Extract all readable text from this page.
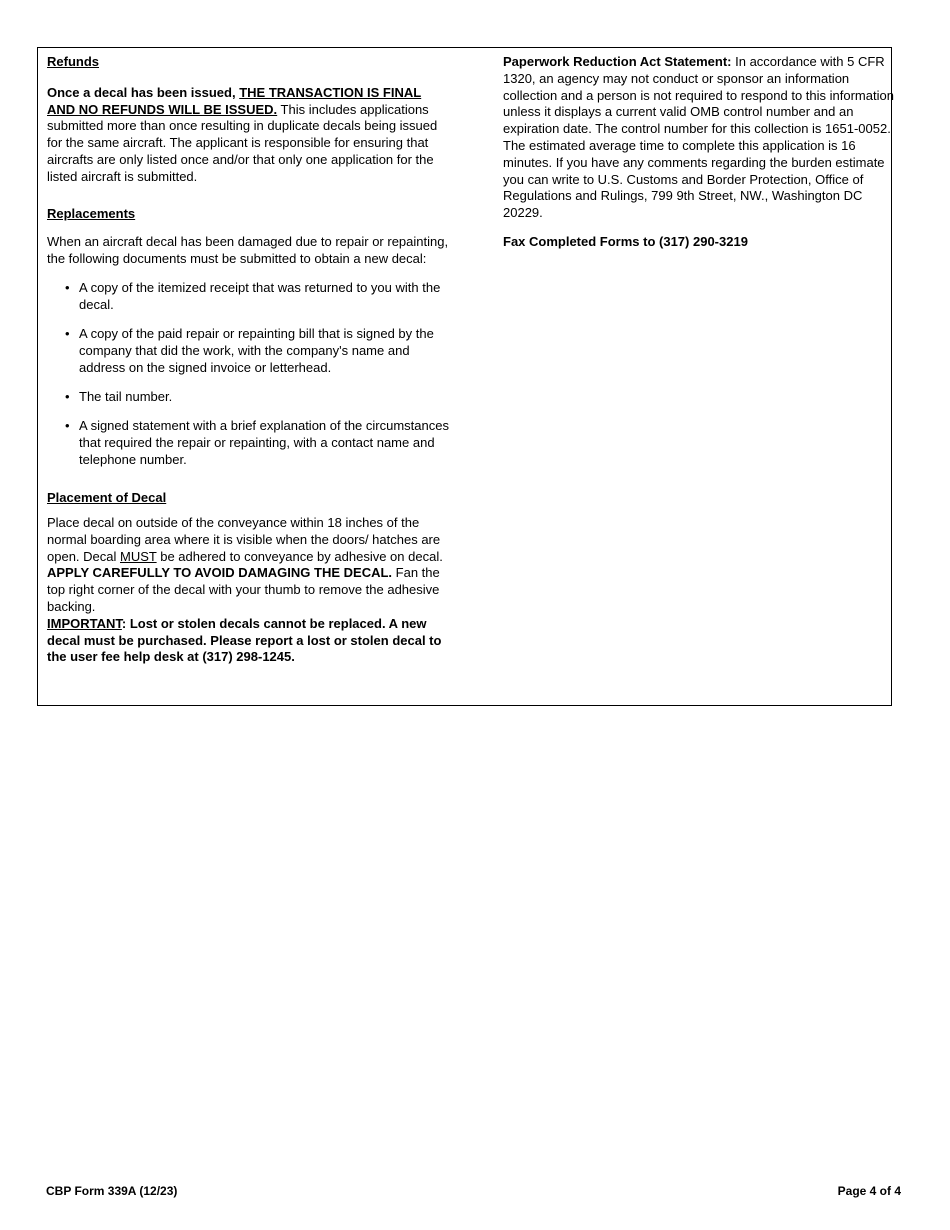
Refunds

Once a decal has been issued, THE TRANSACTION IS FINAL AND NO REFUNDS WILL BE ISSUED. This includes applications submitted more than once resulting in duplicate decals being issued for the same aircraft. The applicant is responsible for ensuring that aircrafts are only listed once and/or that only one application for the listed aircraft is submitted.

Replacements

When an aircraft decal has been damaged due to repair or repainting, the following documents must be submitted to obtain a new decal:

• A copy of the itemized receipt that was returned to you with the decal.
• A copy of the paid repair or repainting bill that is signed by the company that did the work, with the company's name and address on the signed invoice or letterhead.
• The tail number.
• A signed statement with a brief explanation of the circumstances that required the repair or repainting, with a contact name and telephone number.
Placement of Decal

Place decal on outside of the conveyance within 18 inches of the normal boarding area where it is visible when the doors/ hatches are open. Decal MUST be adhered to conveyance by adhesive on decal. APPLY CAREFULLY TO AVOID DAMAGING THE DECAL. Fan the top right corner of the decal with your thumb to remove the adhesive backing.
IMPORTANT: Lost or stolen decals cannot be replaced. A new decal must be purchased. Please report a lost or stolen decal to the user fee help desk at (317) 298-1245.

Paperwork Reduction Act Statement: In accordance with 5 CFR 1320, an agency may not conduct or sponsor an information collection and a person is not required to respond to this information unless it displays a current valid OMB control number and an expiration date. The control number for this collection is 1651-0052. The estimated average time to complete this application is 16 minutes. If you have any comments regarding the burden estimate you can write to U.S. Customs and Border Protection, Office of Regulations and Rulings, 799 9th Street, NW., Washington DC 20229.

Fax Completed Forms to (317) 290-3219

CBP Form 339A (12/23)	Page 4 of 4
